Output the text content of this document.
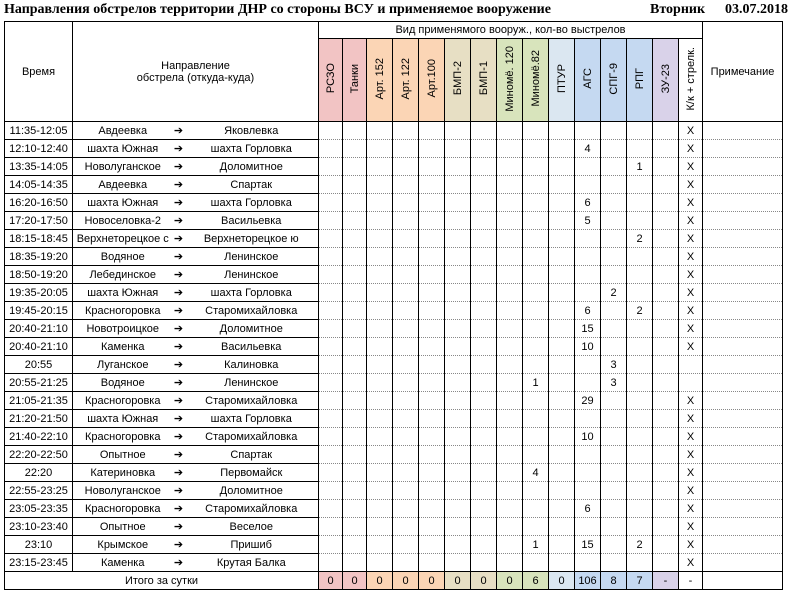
Направления обстрелов территории ДНР со стороны ВСУ и применяемое вооружение	Вторник 03.07.2018
Время	Направление
обстрела (откуда-куда)			Вид применямого вооруж., кол-во выстрелов															Примечание
				РСЗО	Танки	Арт. 152	Арт. 122	Арт.100	БМП-2	БМП-1	Миномё. 120	Миномё.82	ПТУР	АГС	СПГ-9	РПГ	ЗУ-23	К/к + стрелк.	
11:35-12:05	Авдеевка	➔	Яковлевка															X	
12:10-12:40	шахта Южная	➔	шахта Горловка											4				X	
13:35-14:05	Новолуганское	➔	Доломитное													1		X	
14:05-14:35	Авдеевка	➔	Спартак															X	
16:20-16:50	шахта Южная	➔	шахта Горловка											6				X	
17:20-17:50	Новоселовка-2	➔	Васильевка											5				X	
18:15-18:45	Верхнеторецкое с	➔	Верхнеторецкое ю													2		X	
18:35-19:20	Водяное	➔	Ленинское															X	
18:50-19:20	Лебединское	➔	Ленинское															X	
19:35-20:05	шахта Южная	➔	шахта Горловка												2			X	
19:45-20:15	Красногоровка	➔	Старомихайловка											6		2		X	
20:40-21:10	Новотроицкое	➔	Доломитное											15				X	
20:40-21:10	Каменка	➔	Васильевка											10				X	
20:55	Луганское	➔	Калиновка												3				
20:55-21:25	Водяное	➔	Ленинское									1			3				
21:05-21:35	Красногоровка	➔	Старомихайловка											29				X	
21:20-21:50	шахта Южная	➔	шахта Горловка															X	
21:40-22:10	Красногоровка	➔	Старомихайловка											10				X	
22:20-22:50	Опытное	➔	Спартак															X	
22:20	Катериновка	➔	Первомайск									4						X	
22:55-23:25	Новолуганское	➔	Доломитное															X	
23:05-23:35	Красногоровка	➔	Старомихайловка											6				X	
23:10-23:40	Опытное	➔	Веселое															X	
23:10	Крымское	➔	Пришиб									1		15		2		X	
23:15-23:45	Каменка	➔	Крутая Балка															X	
Итого за сутки				0	0	0	0	0	0	0	0	6	0	106	8	7	-	-	
